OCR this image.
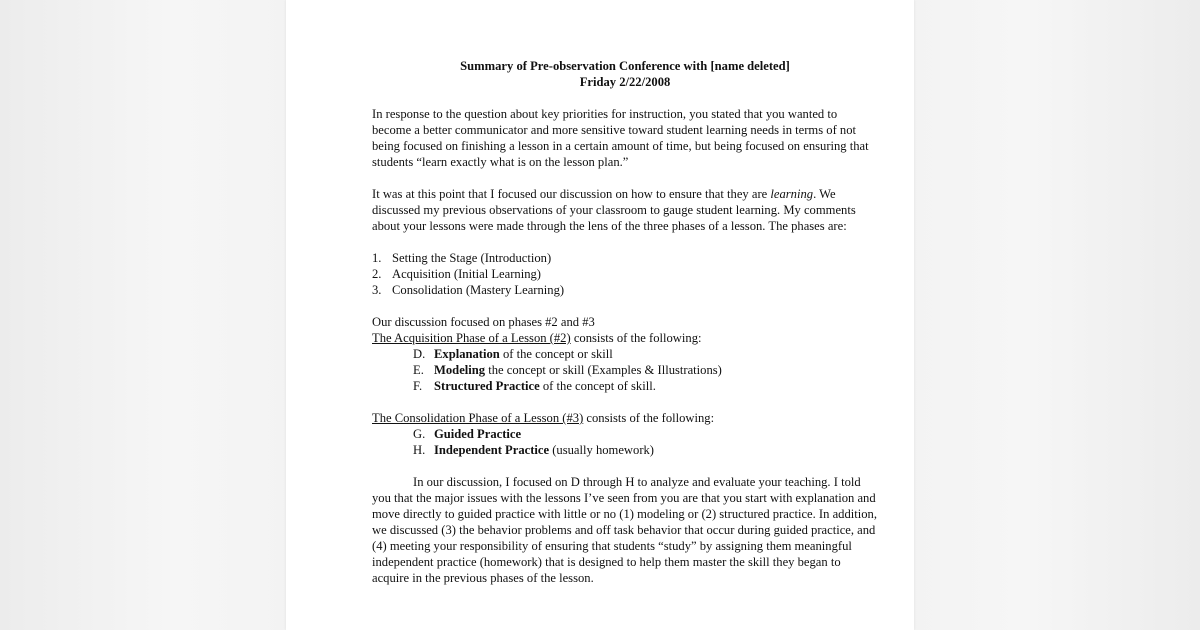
Summary of Pre-observation Conference with [name deleted]
Friday 2/22/2008

In response to the question about key priorities for instruction, you stated that you wanted to become a better communicator and more sensitive toward student learning needs in terms of not being focused on finishing a lesson in a certain amount of time, but being focused on ensuring that students “learn exactly what is on the lesson plan.”

It was at this point that I focused our discussion on how to ensure that they are learning. We discussed my previous observations of your classroom to gauge student learning. My comments about your lessons were made through the lens of the three phases of a lesson. The phases are:

1. Setting the Stage (Introduction)
2. Acquisition (Initial Learning)
3. Consolidation (Mastery Learning)

Our discussion focused on phases #2 and #3

The Acquisition Phase of a Lesson (#2) consists of the following:

D. Explanation of the concept or skill
E. Modeling the concept or skill (Examples & Illustrations)
F. Structured Practice of the concept of skill.

The Consolidation Phase of a Lesson (#3) consists of the following:

G. Guided Practice
H. Independent Practice (usually homework)

In our discussion, I focused on D through H to analyze and evaluate your teaching. I told you that the major issues with the lessons I’ve seen from you are that you start with explanation and move directly to guided practice with little or no (1) modeling or (2) structured practice. In addition, we discussed (3) the behavior problems and off task behavior that occur during guided practice, and (4) meeting your responsibility of ensuring that students “study” by assigning them meaningful independent practice (homework) that is designed to help them master the skill they began to acquire in the previous phases of the lesson.
